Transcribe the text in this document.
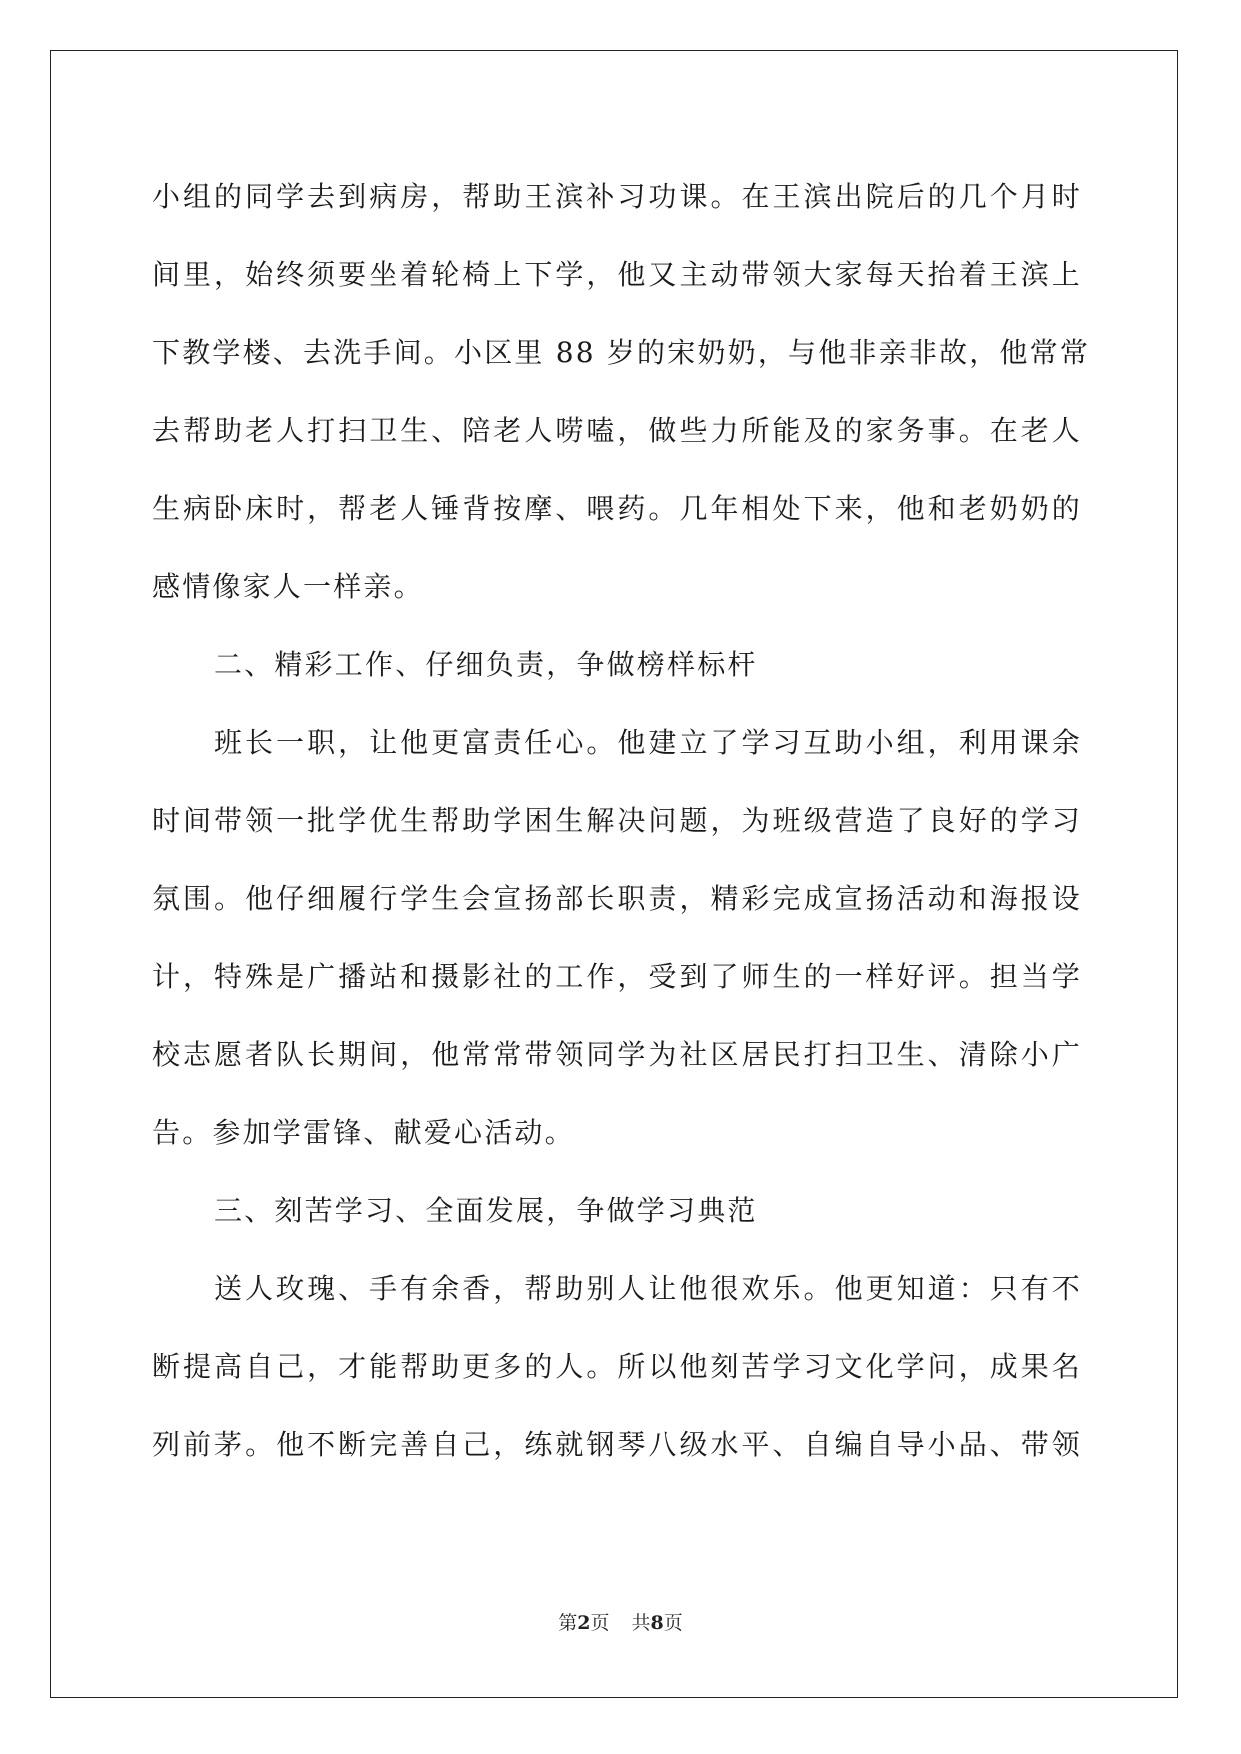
小组的同学去到病房，帮助王滨补习功课。在王滨出院后的几个月时
间里，始终须要坐着轮椅上下学，他又主动带领大家每天抬着王滨上
下教学楼、去洗手间。小区里 88 岁的宋奶奶，与他非亲非故，他常常
去帮助老人打扫卫生、陪老人唠嗑，做些力所能及的家务事。在老人
生病卧床时，帮老人锤背按摩、喂药。几年相处下来，他和老奶奶的
感情像家人一样亲。
二、精彩工作、仔细负责，争做榜样标杆
班长一职，让他更富责任心。他建立了学习互助小组，利用课余
时间带领一批学优生帮助学困生解决问题，为班级营造了良好的学习
氛围。他仔细履行学生会宣扬部长职责，精彩完成宣扬活动和海报设
计，特殊是广播站和摄影社的工作，受到了师生的一样好评。担当学
校志愿者队长期间，他常常带领同学为社区居民打扫卫生、清除小广
告。参加学雷锋、献爱心活动。
三、刻苦学习、全面发展，争做学习典范
送人玫瑰、手有余香，帮助别人让他很欢乐。他更知道：只有不
断提高自己，才能帮助更多的人。所以他刻苦学习文化学问，成果名
列前茅。他不断完善自己，练就钢琴八级水平、自编自导小品、带领
第2页 共8页
